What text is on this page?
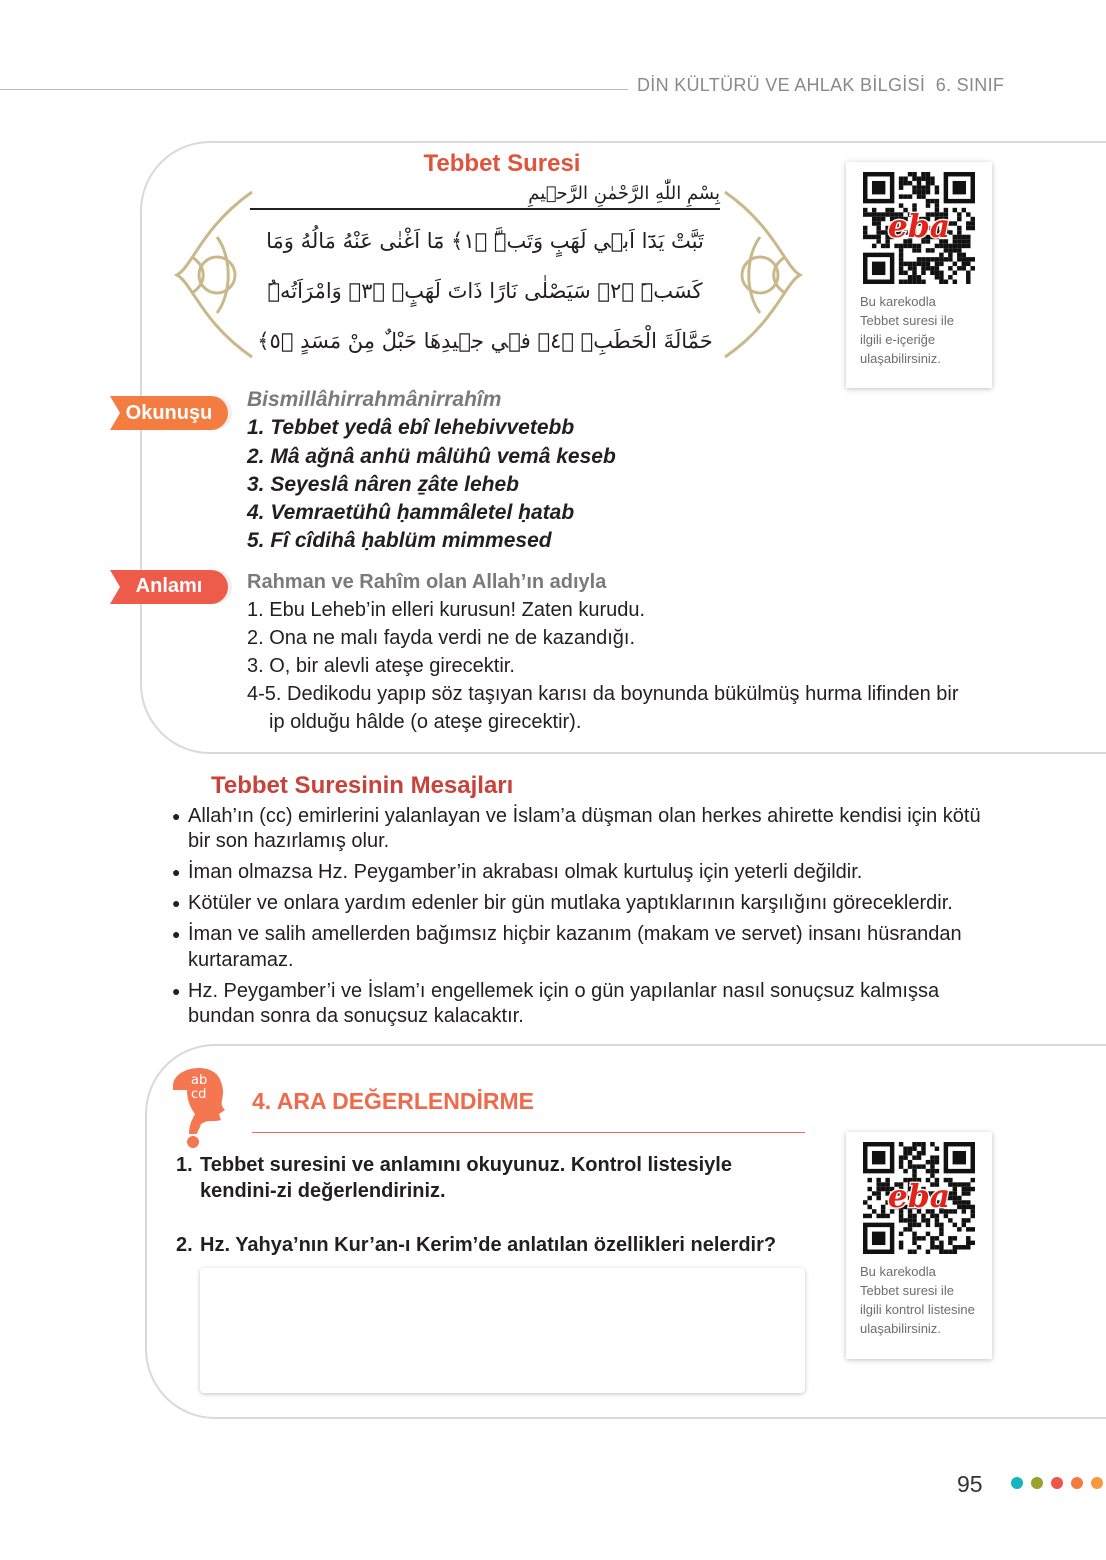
DİN KÜLTÜRÜ VE AHLAK BİLGİSİ  6. SINIF
Tebbet Suresi
بِسْمِ اللّٰهِ الرَّحْمٰنِ الرَّح۪يمِ
تَبَّتْ يَدَٓا اَب۪ي لَهَبٍ وَتَبَّۜ ﴿١﴾ مَٓا اَغْنٰى عَنْهُ مَالُهُ وَمَا
كَسَبَۜ ﴿٢﴾ سَيَصْلٰى نَارًا ذَاتَ لَهَبٍۚ ﴿٣﴾ وَامْرَاَتُهُۜ
حَمَّالَةَ الْحَطَبِۚ ﴿٤﴾ ف۪ي ج۪يدِهَا حَبْلٌ مِنْ مَسَدٍ ﴿٥﴾
eba
Bu karekodla Tebbet suresi ile ilgili e-içeriğe ulaşabilirsiniz.
Okunuşu
Bismillâhirrahmânirrahîm
1. Tebbet yedâ ebî lehebivvetebb
2. Mâ ağnâ anhü mâlühû vemâ keseb
3. Seyeslâ nâren ẕâte leheb
4. Vemraetühû ḥammâletel ḥatab
5. Fî cîdihâ ḥablüm mimmesed
Anlamı Rahman ve Rahîm olan Allah’ın adıyla
1. Ebu Leheb’in elleri kurusun! Zaten kurudu.
2. Ona ne malı fayda verdi ne de kazandığı.
3. O, bir alevli ateşe girecektir.
4-5. Dedikodu yapıp söz taşıyan karısı da boynunda bükülmüş hurma lifinden bir
ip olduğu hâlde (o ateşe girecektir).
Tebbet Suresinin Mesajları
● Allah’ın (cc) emirlerini yalanlayan ve İslam’a düşman olan herkes ahirette kendisi için kötü bir son hazırlamış olur.
● İman olmazsa Hz. Peygamber’in akrabası olmak kurtuluş için yeterli değildir.
● Kötüler ve onlara yardım edenler bir gün mutlaka yaptıklarının karşılığını göreceklerdir.
● İman ve salih amellerden bağımsız hiçbir kazanım (makam ve servet) insanı hüsrandan kurtaramaz.
● Hz. Peygamber’i ve İslam’ı engellemek için o gün yapılanlar nasıl sonuçsuz kalmışsa bundan sonra da sonuçsuz kalacaktır.
ab
cd 4. ARA DEĞERLENDİRME
1. Tebbet suresini ve anlamını okuyunuz. Kontrol listesiyle kendini-zi değerlendiriniz.
2. Hz. Yahya’nın Kur’an-ı Kerim’de anlatılan özellikleri nelerdir?
eba
Bu karekodla Tebbet suresi ile ilgili kontrol listesine ulaşabilirsiniz.
95
